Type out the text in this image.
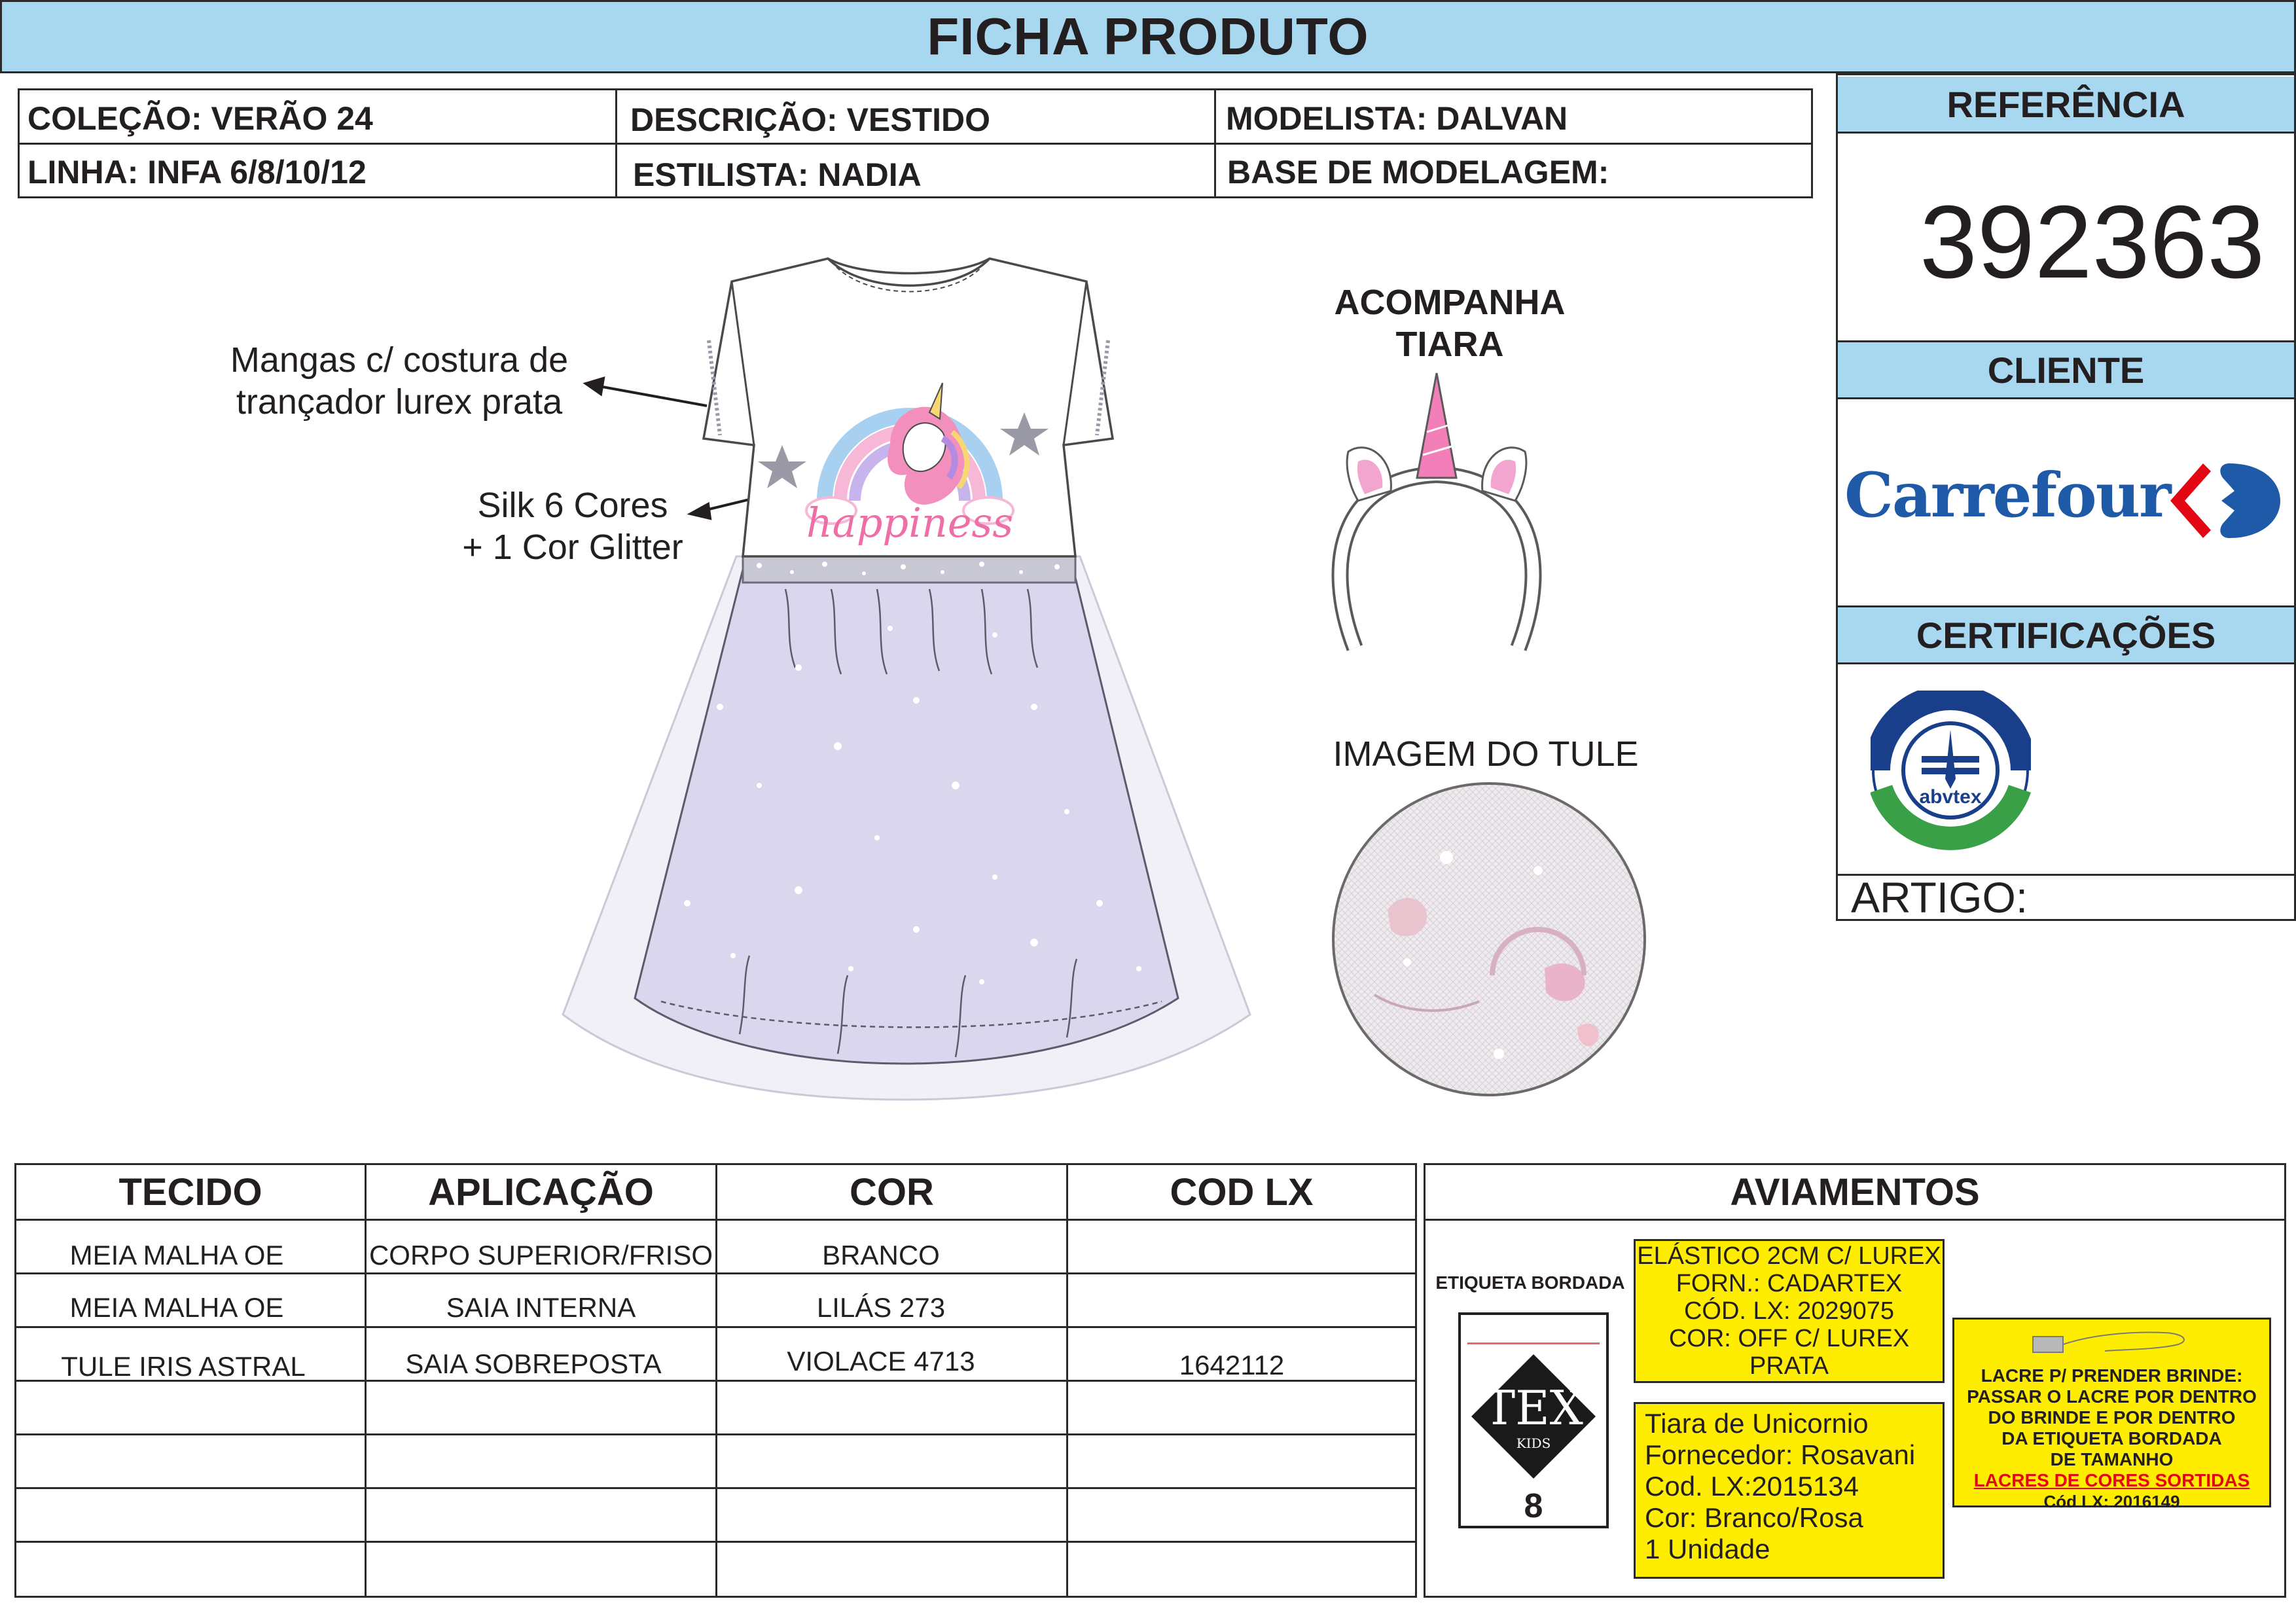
FICHA PRODUTO
COLEÇÃO: VERÃO 24	DESCRIÇÃO: VESTIDO	MODELISTA: DALVAN
LINHA: INFA 6/8/10/12	ESTILISTA: NADIA	BASE DE MODELAGEM:
REFERÊNCIA
392363
CLIENTE
Carrefour
CERTIFICAÇÕES
abvtex
ARTIGO:
Mangas c/ costura de
trançador lurex prata
Silk 6 Cores
+ 1 Cor Glitter
ACOMPANHA
TIARA
IMAGEM DO TULE
happiness
TECIDO	APLICAÇÃO	COR	COD LX
MEIA MALHA OE	CORPO SUPERIOR/FRISO	BRANCO
MEIA MALHA OE	SAIA INTERNA	LILÁS 273
TULE IRIS ASTRAL	SAIA SOBREPOSTA	VIOLACE 4713	1642112
AVIAMENTOS
ETIQUETA BORDADA
TEX
KIDS
8
ELÁSTICO 2CM C/ LUREX
FORN.: CADARTEX
CÓD. LX: 2029075
COR: OFF C/ LUREX
PRATA
Tiara de Unicornio
Fornecedor: Rosavani
Cod. LX:2015134
Cor: Branco/Rosa
1 Unidade
LACRE P/ PRENDER BRINDE:
PASSAR O LACRE POR DENTRO
DO BRINDE E POR DENTRO
DA ETIQUETA BORDADA
DE TAMANHO
LACRES DE CORES SORTIDAS
Cód LX: 2016149
